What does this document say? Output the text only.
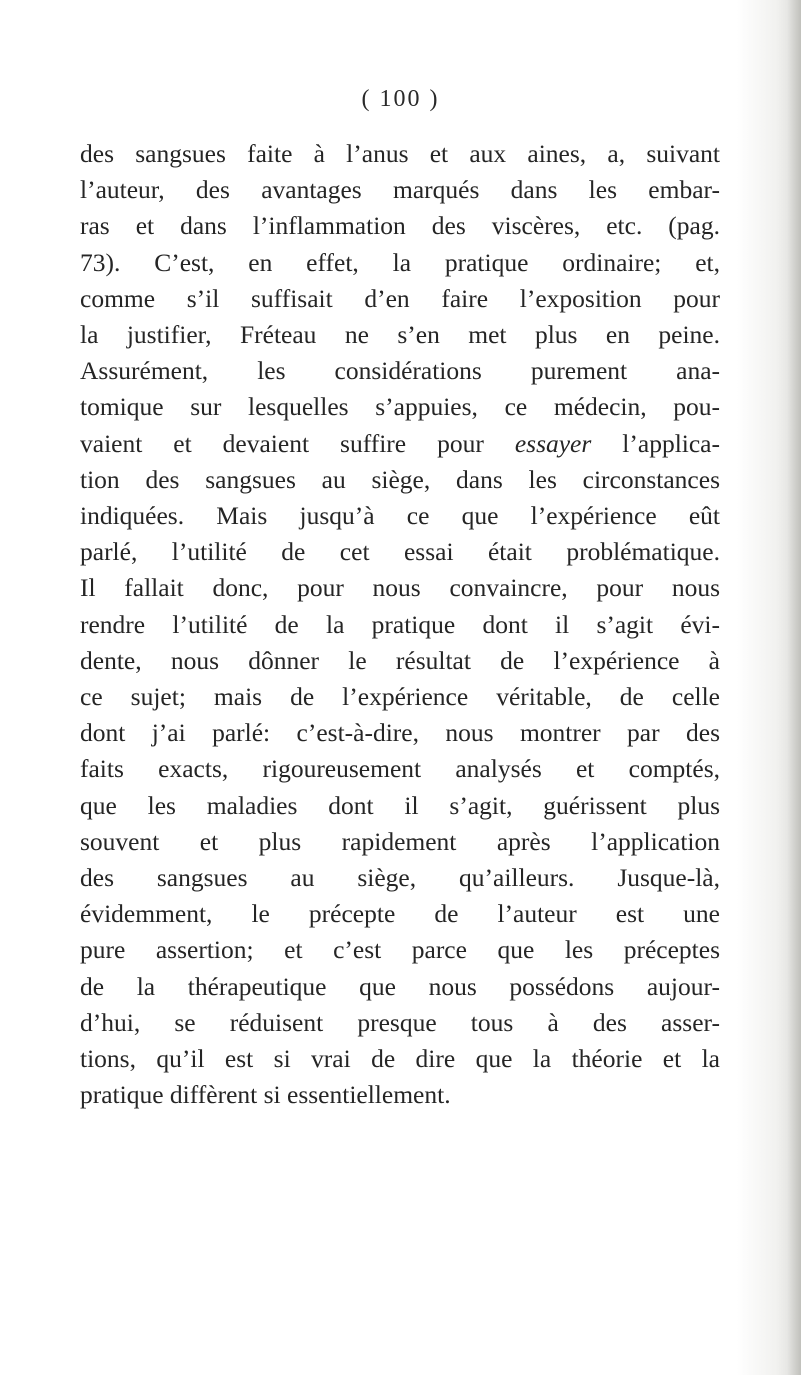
( 100 )
des sangsues faite à l’anus et aux aines, a, suivant
l’auteur, des avantages marqués dans les embar-
ras et dans l’inflammation des viscères, etc. (pag.
73). C’est, en effet, la pratique ordinaire; et,
comme s’il suffisait d’en faire l’exposition pour
la justifier, Fréteau ne s’en met plus en peine.
Assurément, les considérations purement ana-
tomique sur lesquelles s’appuies, ce médecin, pou-
vaient et devaient suffire pour essayer l’applica-
tion des sangsues au siège, dans les circonstances
indiquées. Mais jusqu’à ce que l’expérience eût
parlé, l’utilité de cet essai était problématique.
Il fallait donc, pour nous convaincre, pour nous
rendre l’utilité de la pratique dont il s’agit évi-
dente, nous dônner le résultat de l’expérience à
ce sujet; mais de l’expérience véritable, de celle
dont j’ai parlé: c’est-à-dire, nous montrer par des
faits exacts, rigoureusement analysés et comptés,
que les maladies dont il s’agit, guérissent plus
souvent et plus rapidement après l’application
des sangsues au siège, qu’ailleurs. Jusque-là,
évidemment, le précepte de l’auteur est une
pure assertion; et c’est parce que les préceptes
de la thérapeutique que nous possédons aujour-
d’hui, se réduisent presque tous à des asser-
tions, qu’il est si vrai de dire que la théorie et la
pratique diffèrent si essentiellement.
